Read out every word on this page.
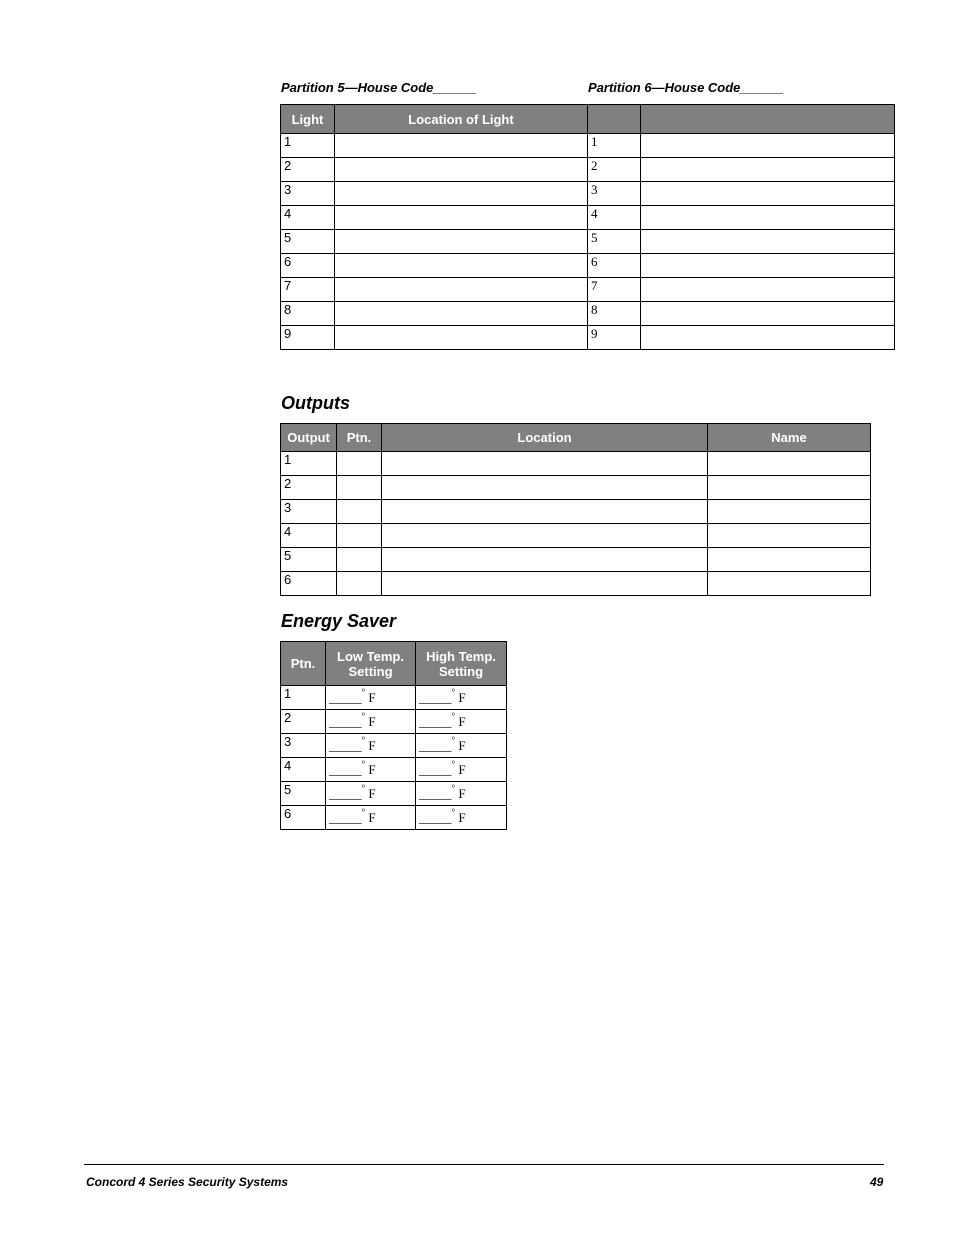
Partition 5—House Code______	Partition 6—House Code______
Light	Location of Light		
1		1	
2		2	
3		3	
4		4	
5		5	
6		6	
7		7	
8		8	
9		9	
Outputs
Output	Ptn.	Location	Name
1			
2			
3			
4			
5			
6			
Energy Saver
Ptn.	Low Temp. Setting	High Temp. Setting
1	_____° F	_____° F
2	_____° F	_____° F
3	_____° F	_____° F
4	_____° F	_____° F
5	_____° F	_____° F
6	_____° F	_____° F
Concord 4 Series Security Systems	49
